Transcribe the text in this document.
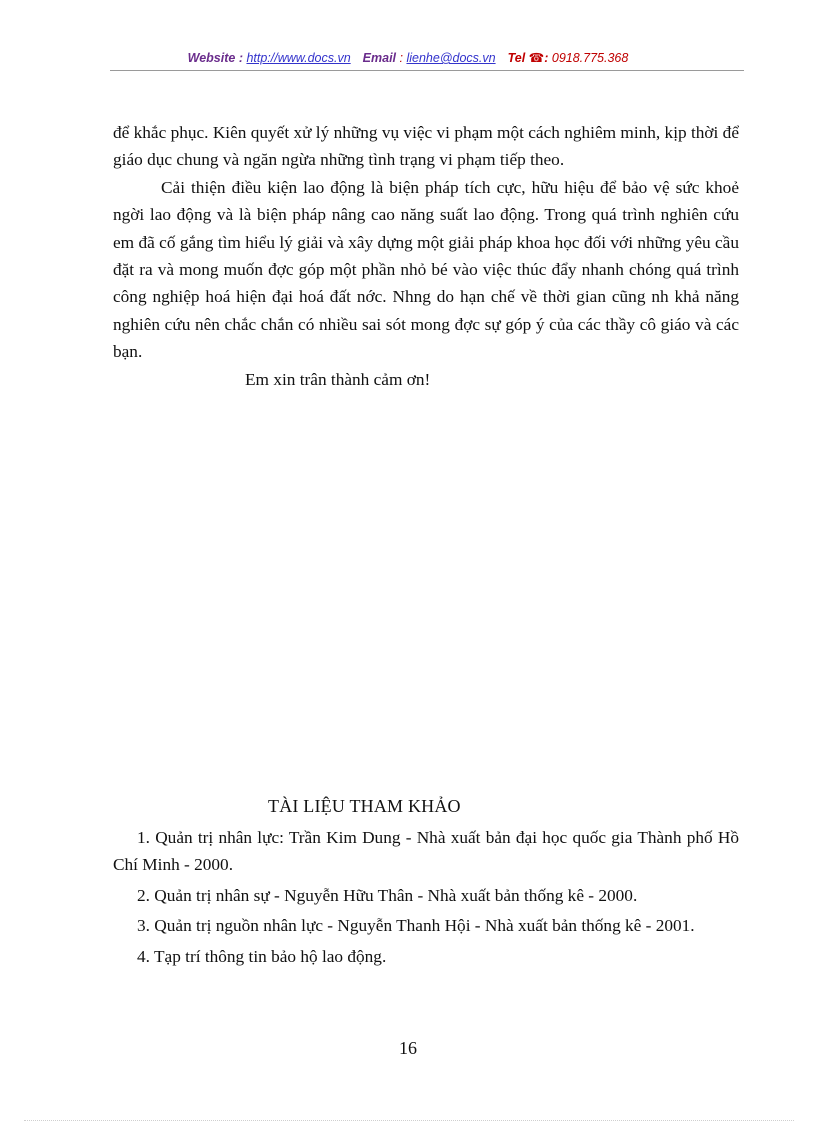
Website : http://www.docs.vn Email : lienhe@docs.vn Tel ☎: 0918.775.368

để khắc phục. Kiên quyết xử lý những vụ việc vi phạm một cách nghiêm minh, kịp thời để giáo dục chung và ngăn ngừa những tình trạng vi phạm tiếp theo.

Cải thiện điều kiện lao động là biện pháp tích cực, hữu hiệu để bảo vệ sức khoẻ ngời lao động và là biện pháp nâng cao năng suất lao động. Trong quá trình nghiên cứu em đã cố gắng tìm hiểu lý giải và xây dựng một giải pháp khoa học đối với những yêu cầu đặt ra và mong muốn đợc góp một phần nhỏ bé vào việc thúc đẩy nhanh chóng quá trình công nghiệp hoá hiện đại hoá đất nớc. Nhng do hạn chế về thời gian cũng nh khả năng nghiên cứu nên chắc chắn có nhiều sai sót mong đợc sự góp ý của các thầy cô giáo và các bạn.

Em xin trân thành cảm ơn!

TÀI LIỆU THAM KHẢO

1. Quản trị nhân lực: Trần Kim Dung - Nhà xuất bản đại học quốc gia Thành phố Hồ Chí Minh - 2000.

2. Quản trị nhân sự - Nguyễn Hữu Thân - Nhà xuất bản thống kê - 2000.

3. Quản trị nguồn nhân lực - Nguyễn Thanh Hội - Nhà xuất bản thống kê - 2001.

4. Tạp trí thông tin bảo hộ lao động.

16
